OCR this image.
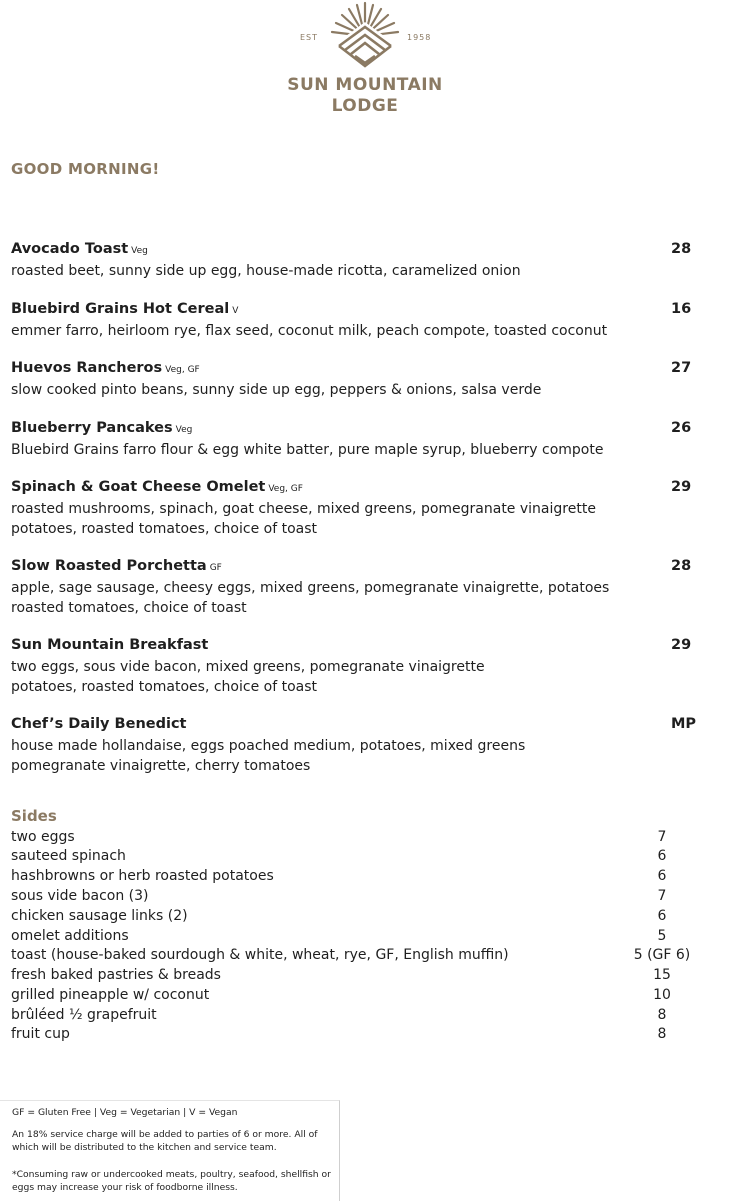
EST	1958
SUN MOUNTAIN
LODGE
GOOD MORNING!
Avocado Toast Veg
roasted beet, sunny side up egg, house-made ricotta, caramelized onion
28
Bluebird Grains Hot Cereal V
emmer farro, heirloom rye, flax seed, coconut milk, peach compote, toasted coconut
16
Huevos Rancheros Veg, GF
slow cooked pinto beans, sunny side up egg, peppers & onions, salsa verde
27
Blueberry Pancakes Veg
Bluebird Grains farro flour & egg white batter, pure maple syrup, blueberry compote
26
Spinach & Goat Cheese Omelet Veg, GF
roasted mushrooms, spinach, goat cheese, mixed greens, pomegranate vinaigrette
potatoes, roasted tomatoes, choice of toast
29
Slow Roasted Porchetta GF
apple, sage sausage, cheesy eggs, mixed greens, pomegranate vinaigrette, potatoes
roasted tomatoes, choice of toast
28
Sun Mountain Breakfast
two eggs, sous vide bacon, mixed greens, pomegranate vinaigrette
potatoes, roasted tomatoes, choice of toast
29
Chef’s Daily Benedict
house made hollandaise, eggs poached medium, potatoes, mixed greens
pomegranate vinaigrette, cherry tomatoes
MP
Sides
two eggs	7
sauteed spinach	6
hashbrowns or herb roasted potatoes	6
sous vide bacon (3)	7
chicken sausage links (2)	6
omelet additions	5
toast (house-baked sourdough & white, wheat, rye, GF, English muffin)	5 (GF 6)
fresh baked pastries & breads	15
grilled pineapple w/ coconut	10
brûléed ½ grapefruit	8
fruit cup	8
GF = Gluten Free | Veg = Vegetarian | V = Vegan
An 18% service charge will be added to parties of 6 or more. All of which will be distributed to the kitchen and service team.
*Consuming raw or undercooked meats, poultry, seafood, shellfish or eggs may increase your risk of foodborne illness.
